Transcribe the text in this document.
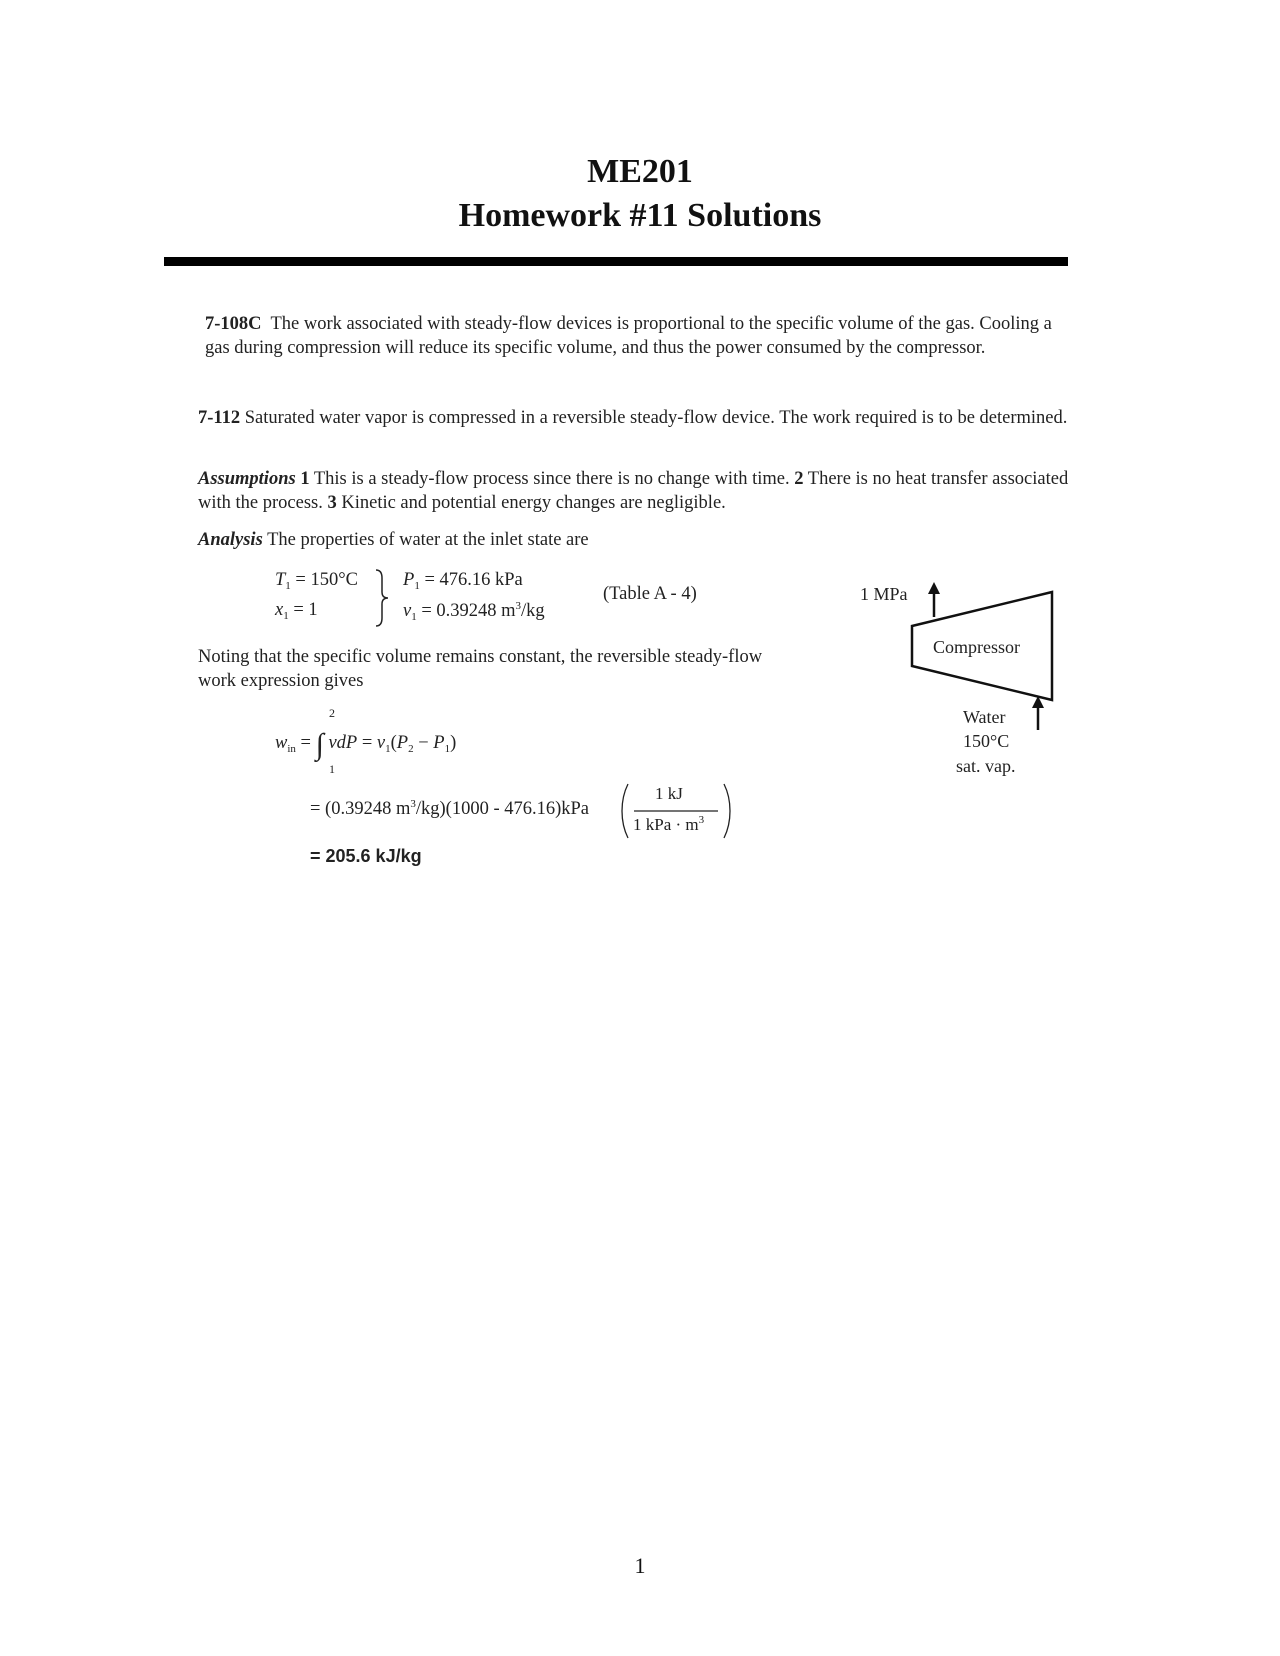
ME201
Homework #11 Solutions
7-108C The work associated with steady-flow devices is proportional to the specific volume of the gas. Cooling a gas during compression will reduce its specific volume, and thus the power consumed by the compressor.
7-112 Saturated water vapor is compressed in a reversible steady-flow device. The work required is to be determined.
Assumptions 1 This is a steady-flow process since there is no change with time. 2 There is no heat transfer associated with the process. 3 Kinetic and potential energy changes are negligible.
Analysis The properties of water at the inlet state are
$T_1 = 150^\circ C$
$x_1 = 1$
$P_1 = 476.16$ kPa
$v_1 = 0.39248$ $m^3/kg$
(Table A - 4)
Noting that the specific volume remains constant, the reversible steady-flow work expression gives
2
1
$w_{in}$ = ∫ vdP = $v_1(P_2 - P_1)$
= (0.39248 $m^3/kg)(1000 - 476.16)kPa$
1 kJ
1 kPa · $m^3$
= 205.6 kJ/kg
1 MPa
Compressor
Water
150°C
sat. vap.
1
